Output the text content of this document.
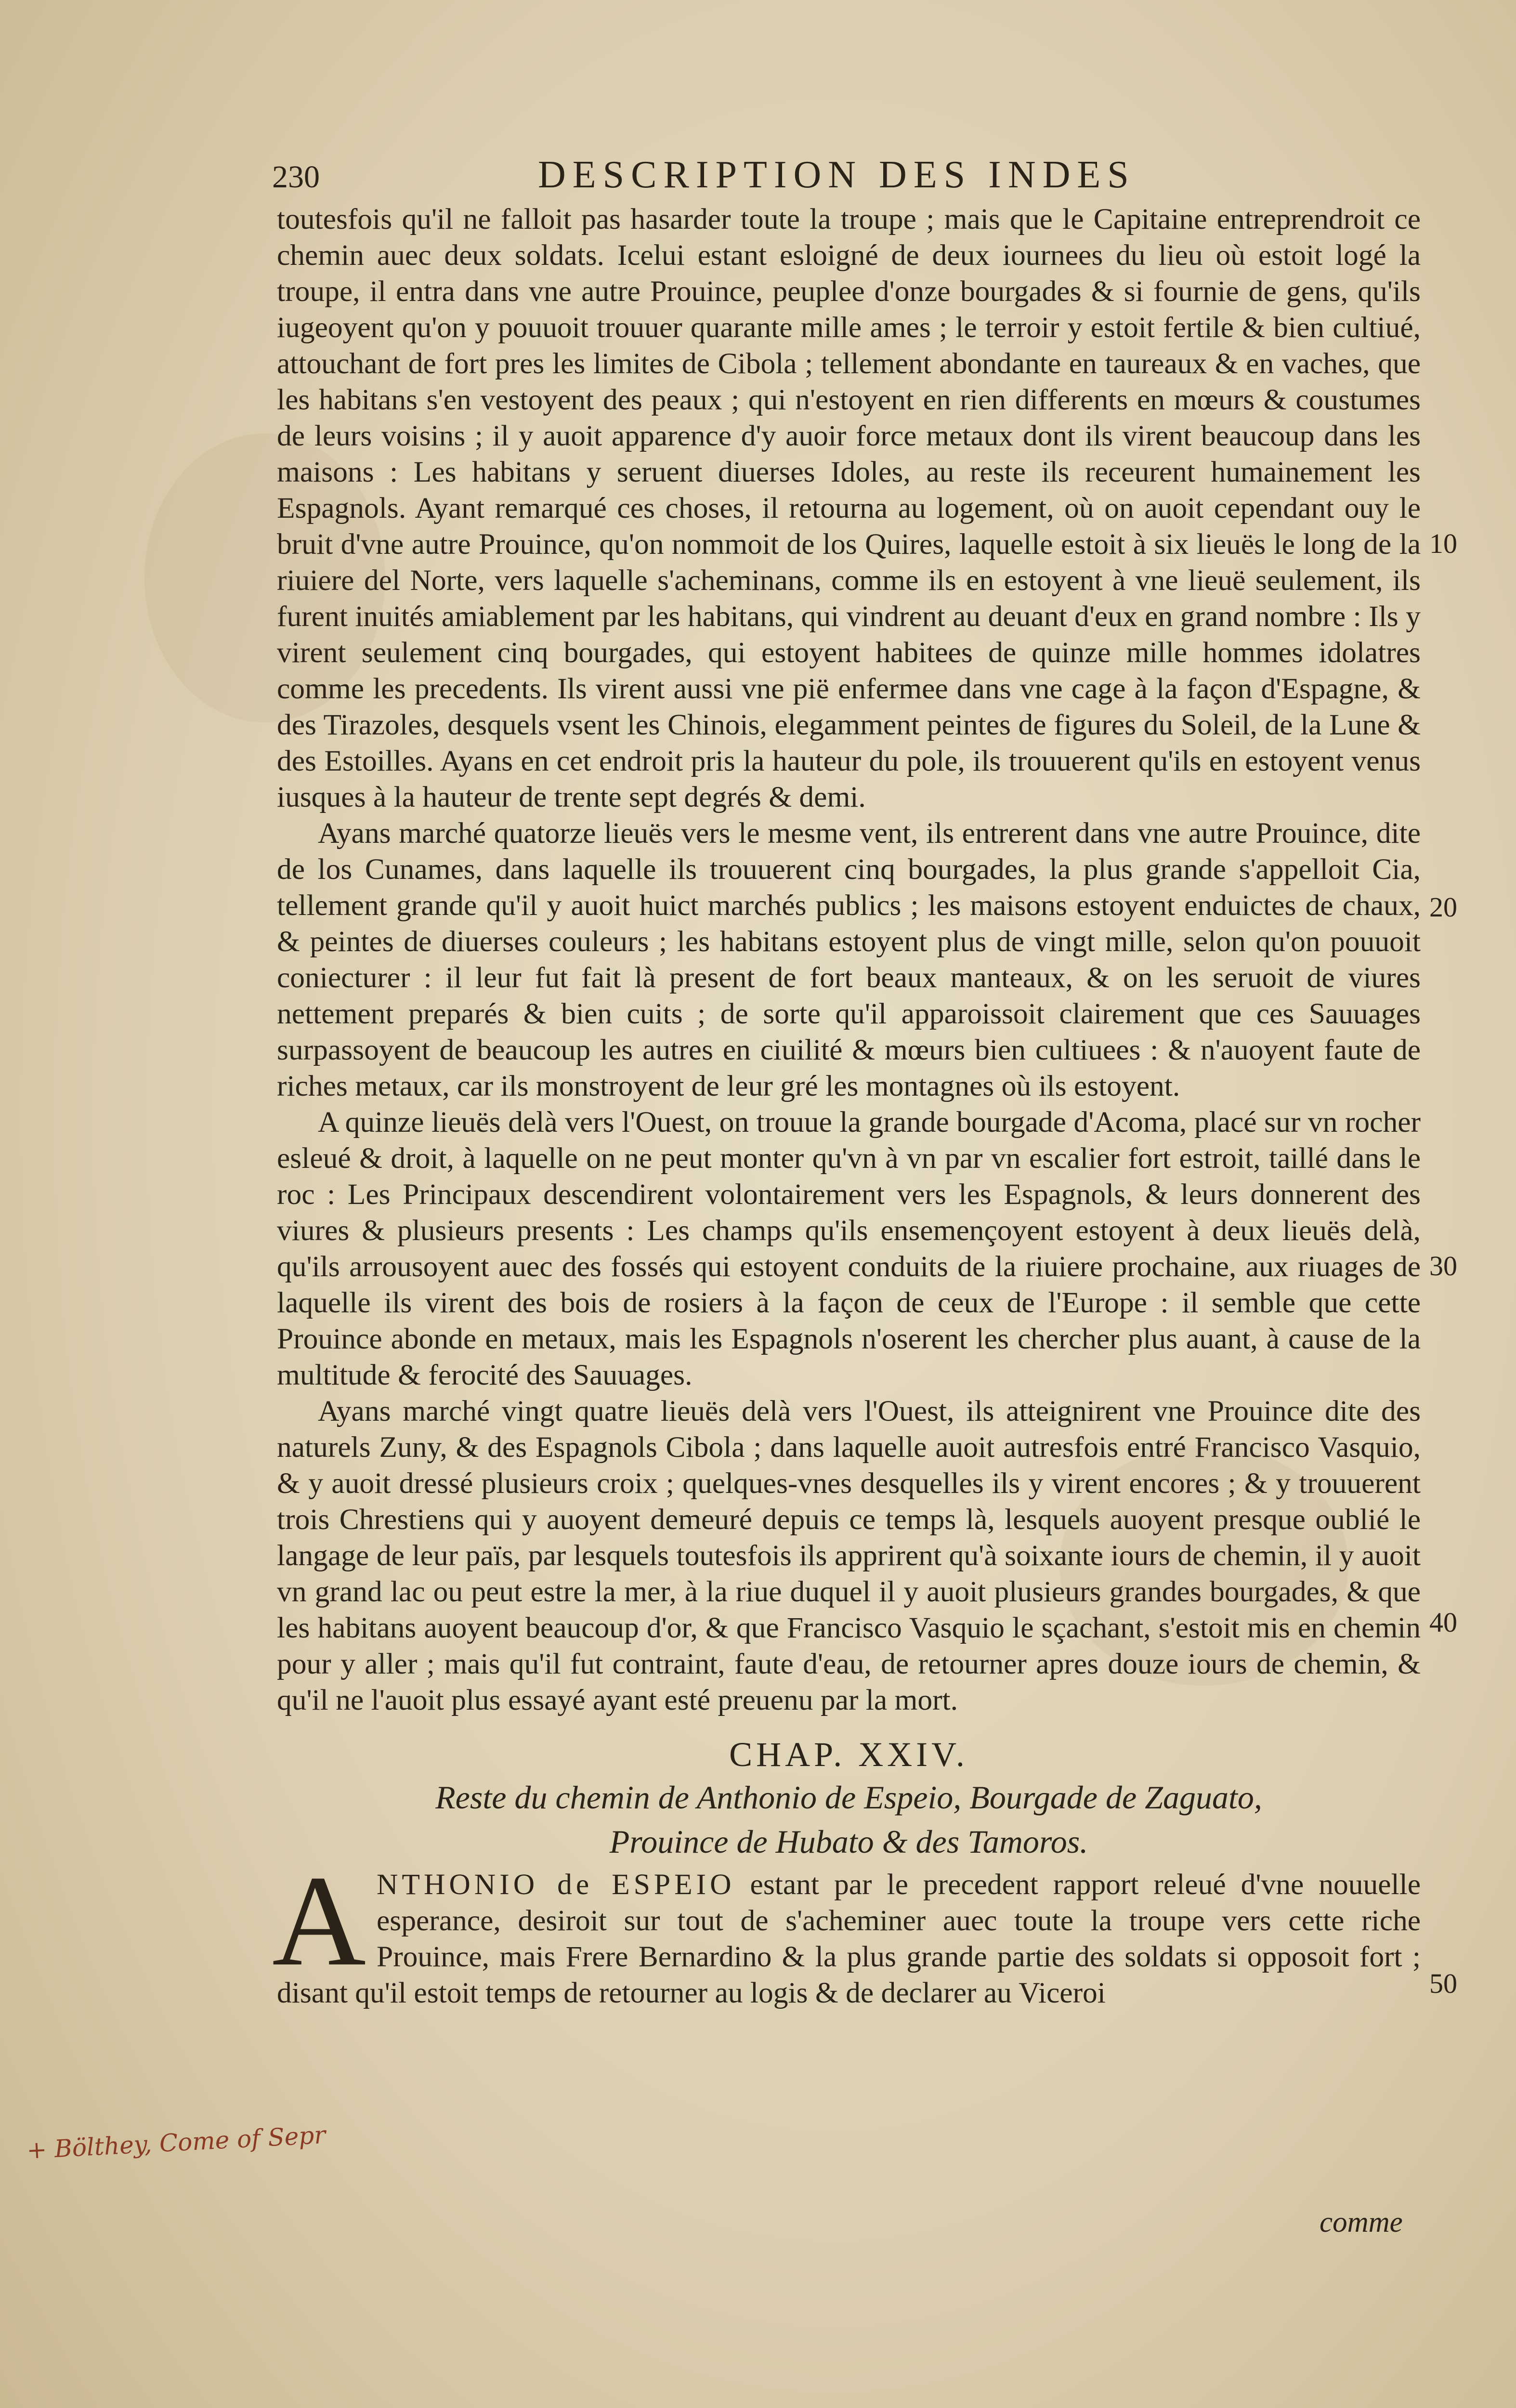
230	DESCRIPTION DES INDES

toutesfois qu'il ne falloit pas hasarder toute la troupe ; mais que le Capitaine entreprendroit ce chemin auec deux soldats. Icelui estant esloigné de deux iournees du lieu où estoit logé la troupe, il entra dans vne autre Prouince, peuplee d'onze bourgades & si fournie de gens, qu'ils iugeoyent qu'on y pouuoit trouuer quarante mille ames ; le terroir y estoit fertile & bien cultiué, attouchant de fort pres les limites de Cibola ; tellement abondante en taureaux & en vaches, que les habitans s'en vestoyent des peaux ; qui n'estoyent en rien differents en mœurs & coustumes de leurs voisins ; il y auoit apparence d'y auoir force metaux dont ils virent beaucoup dans les maisons : Les habitans y seruent diuerses Idoles, au reste ils receurent humainement les Espagnols. Ayant remarqué ces choses, il retourna au logement, où on auoit cependant ouy le bruit d'vne autre Prouince, qu'on nommoit de los Quires, laquelle estoit à six lieuës le long de la riuiere del Norte, vers laquelle s'acheminans, comme ils en estoyent à vne lieuë seulement, ils furent inuités amiablement par les habitans, qui vindrent au deuant d'eux en grand nombre : Ils y virent seulement cinq bourgades, qui estoyent habitees de quinze mille hommes idolatres comme les precedents. Ils virent aussi vne pië enfermee dans vne cage à la façon d'Espagne, & des Tirazoles, desquels vsent les Chinois, elegamment peintes de figures du Soleil, de la Lune & des Estoilles. Ayans en cet endroit pris la hauteur du pole, ils trouuerent qu'ils en estoyent venus iusques à la hauteur de trente sept degrés & demi.

Ayans marché quatorze lieuës vers le mesme vent, ils entrerent dans vne autre Prouince, dite de los Cunames, dans laquelle ils trouuerent cinq bourgades, la plus grande s'appelloit Cia, tellement grande qu'il y auoit huict marchés publics ; les maisons estoyent enduictes de chaux, & peintes de diuerses couleurs ; les habitans estoyent plus de vingt mille, selon qu'on pouuoit coniecturer : il leur fut fait là present de fort beaux manteaux, & on les seruoit de viures nettement preparés & bien cuits ; de sorte qu'il apparoissoit clairement que ces Sauuages surpassoyent de beaucoup les autres en ciuilité & mœurs bien cultiuees : & n'auoyent faute de riches metaux, car ils monstroyent de leur gré les montagnes où ils estoyent.

A quinze lieuës delà vers l'Ouest, on trouue la grande bourgade d'Acoma, placé sur vn rocher esleué & droit, à laquelle on ne peut monter qu'vn à vn par vn escalier fort estroit, taillé dans le roc : Les Principaux descendirent volontairement vers les Espagnols, & leurs donnerent des viures & plusieurs presents : Les champs qu'ils ensemençoyent estoyent à deux lieuës delà, qu'ils arrousoyent auec des fossés qui estoyent conduits de la riuiere prochaine, aux riuages de laquelle ils virent des bois de rosiers à la façon de ceux de l'Europe : il semble que cette Prouince abonde en metaux, mais les Espagnols n'oserent les chercher plus auant, à cause de la multitude & ferocité des Sauuages.

Ayans marché vingt quatre lieuës delà vers l'Ouest, ils atteignirent vne Prouince dite des naturels Zuny, & des Espagnols Cibola ; dans laquelle auoit autresfois entré Francisco Vasquio, & y auoit dressé plusieurs croix ; quelques-vnes desquelles ils y virent encores ; & y trouuerent trois Chrestiens qui y auoyent demeuré depuis ce temps là, lesquels auoyent presque oublié le langage de leur païs, par lesquels toutesfois ils apprirent qu'à soixante iours de chemin, il y auoit vn grand lac ou peut estre la mer, à la riue duquel il y auoit plusieurs grandes bourgades, & que les habitans auoyent beaucoup d'or, & que Francisco Vasquio le sçachant, s'estoit mis en chemin pour y aller ; mais qu'il fut contraint, faute d'eau, de retourner apres douze iours de chemin, & qu'il ne l'auoit plus essayé ayant esté preuenu par la mort.

CHAP. XXIV.
Reste du chemin de Anthonio de Espeio, Bourgade de Zaguato,
Prouince de Hubato & des Tamoros.

A NTHONIO de ESPEIO estant par le precedent rapport releué d'vne nouuelle esperance, desiroit sur tout de s'acheminer auec toute la troupe vers cette riche Prouince, mais Frere Bernardino & la plus grande partie des soldats si opposoit fort ; disant qu'il estoit temps de retourner au logis & de declarer au Viceroi

comme
10
20
30
40
50
+ Bölthey, Come of Sepr
